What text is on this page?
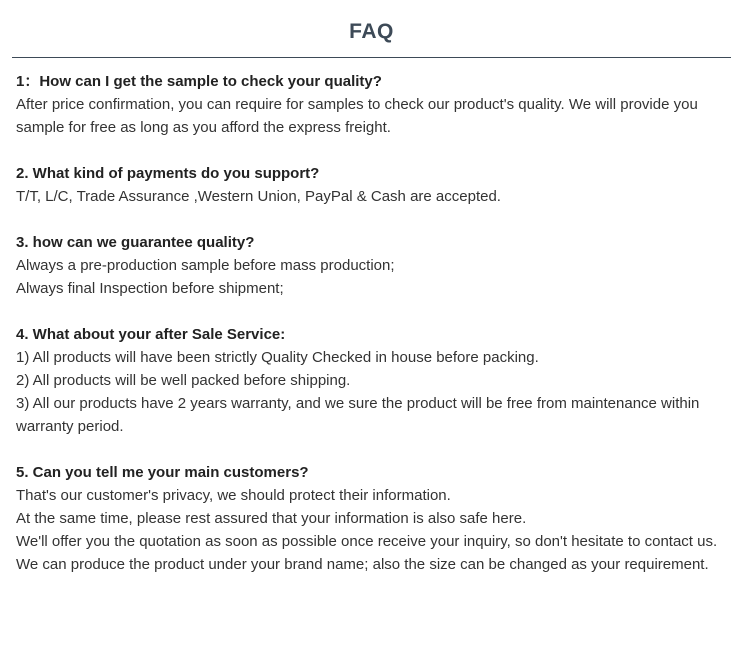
FAQ
1：How can I get the sample to check your quality?
After price confirmation, you can require for samples to check our product's quality. We will provide you sample for free as long as you afford the express freight.
2. What kind of payments do you support?
T/T, L/C, Trade Assurance ,Western Union, PayPal & Cash are accepted.
3. how can we guarantee quality?
Always a pre-production sample before mass production;
Always final Inspection before shipment;
4. What about your after Sale Service:
1) All products will have been strictly Quality Checked in house before packing.
2) All products will be well packed before shipping.
3) All our products have 2 years warranty, and we sure the product will be free from maintenance within warranty period.
5. Can you tell me your main customers?
That's our customer's privacy, we should protect their information.
At the same time, please rest assured that your information is also safe here.
We'll offer you the quotation as soon as possible once receive your inquiry, so don't hesitate to contact us. We can produce the product under your brand name; also the size can be changed as your requirement.
